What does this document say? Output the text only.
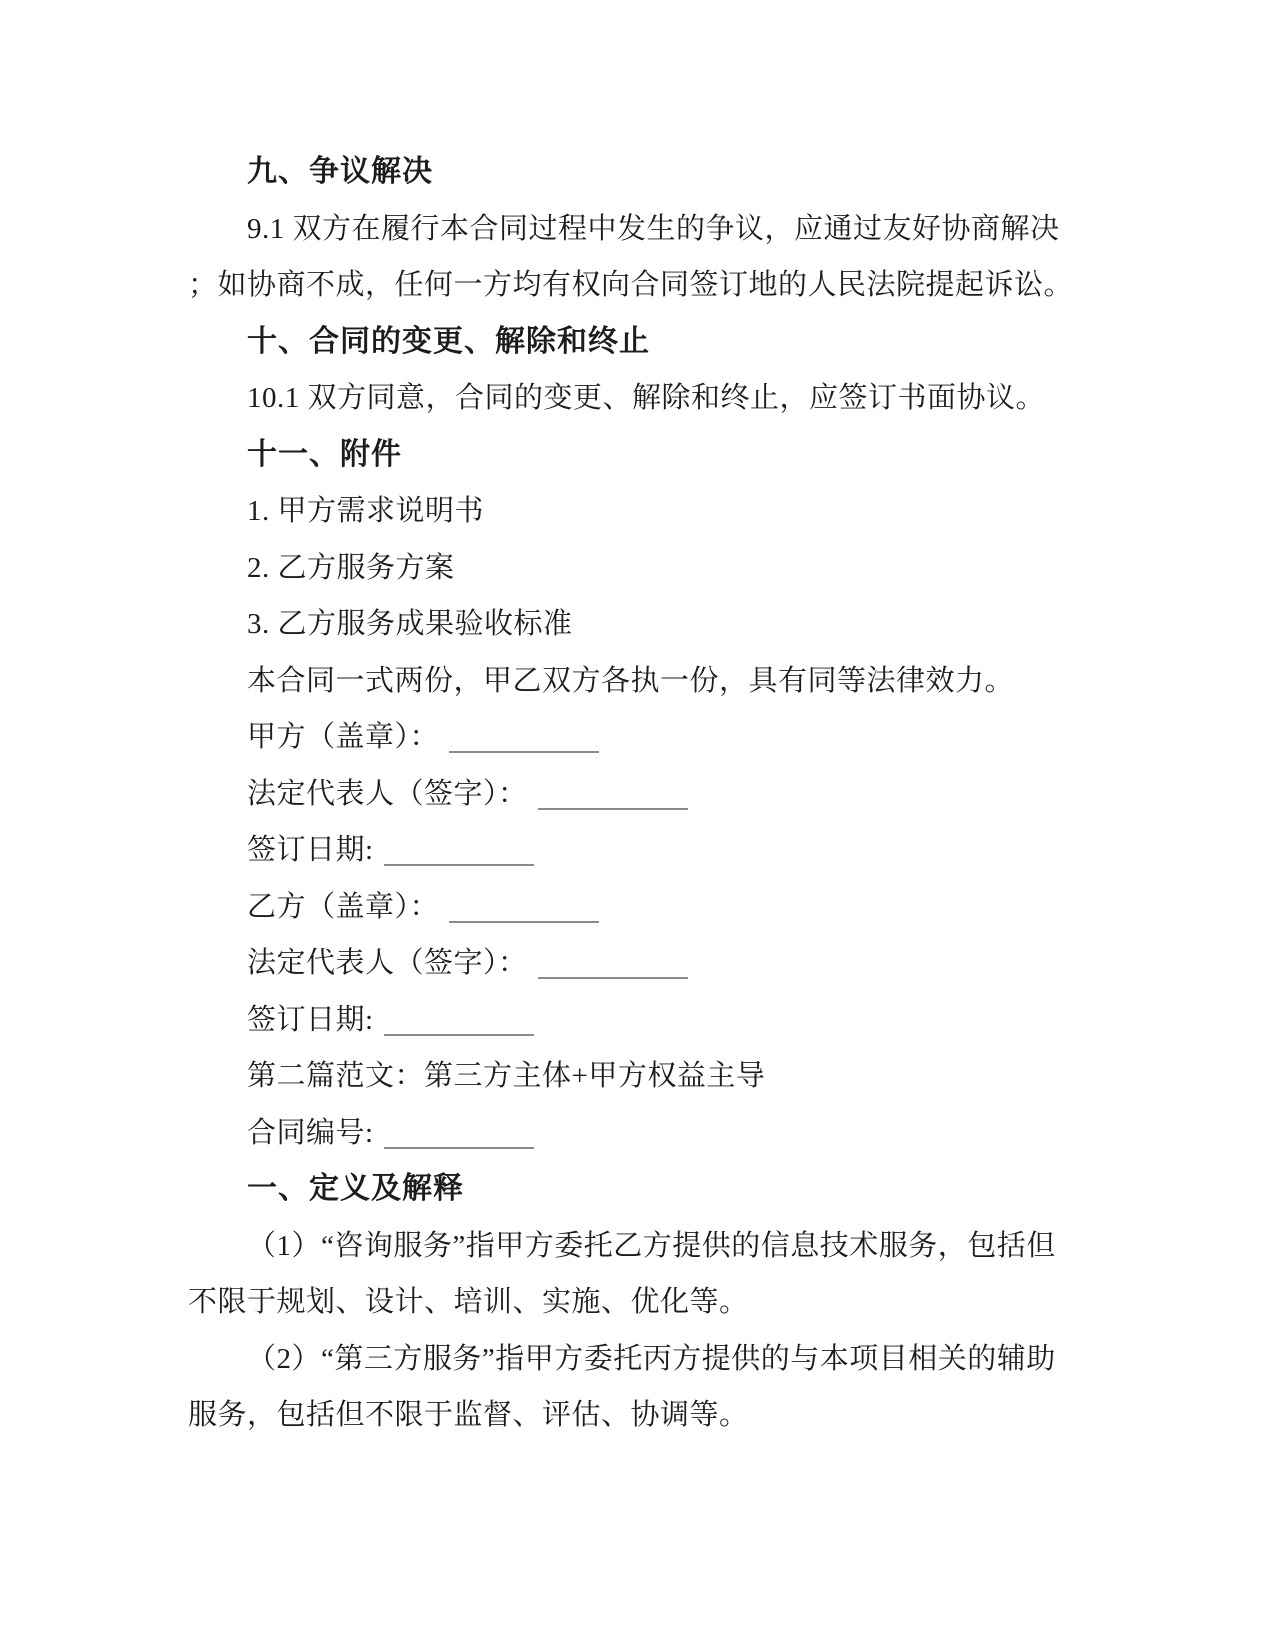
九、争议解决
9.1 双方在履行本合同过程中发生的争议，应通过友好协商解决
；如协商不成，任何一方均有权向合同签订地的人民法院提起诉讼。
十、合同的变更、解除和终止
10.1 双方同意，合同的变更、解除和终止，应签订书面协议。
十一、附件
1. 甲方需求说明书
2. 乙方服务方案
3. 乙方服务成果验收标准
本合同一式两份，甲乙双方各执一份，具有同等法律效力。
甲方（盖章）：
法定代表人（签字）：
签订日期:
乙方（盖章）：
法定代表人（签字）：
签订日期:
第二篇范文：第三方主体+甲方权益主导
合同编号:
一、定义及解释
（1）“咨询服务”指甲方委托乙方提供的信息技术服务，包括但
不限于规划、设计、培训、实施、优化等。
（2）“第三方服务”指甲方委托丙方提供的与本项目相关的辅助
服务，包括但不限于监督、评估、协调等。
